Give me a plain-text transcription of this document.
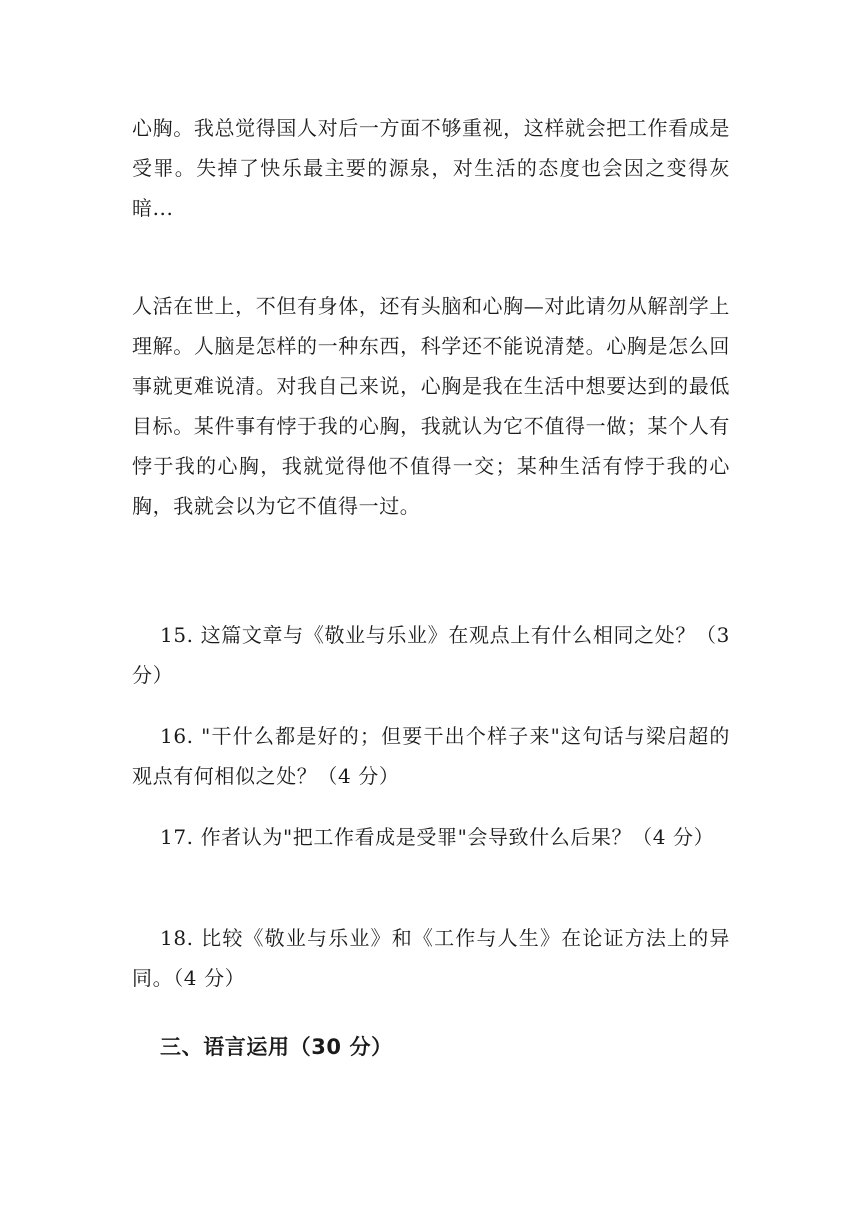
心胸。我总觉得国人对后一方面不够重视，这样就会把工作看成是受罪。失掉了快乐最主要的源泉，对生活的态度也会因之变得灰暗...

人活在世上，不但有身体，还有头脑和心胸—对此请勿从解剖学上理解。人脑是怎样的一种东西，科学还不能说清楚。心胸是怎么回事就更难说清。对我自己来说，心胸是我在生活中想要达到的最低目标。某件事有悖于我的心胸，我就认为它不值得一做；某个人有悖于我的心胸，我就觉得他不值得一交；某种生活有悖于我的心胸，我就会以为它不值得一过。

15. 这篇文章与《敬业与乐业》在观点上有什么相同之处？（3 分）

16. "干什么都是好的；但要干出个样子来"这句话与梁启超的观点有何相似之处？（4 分）

17. 作者认为"把工作看成是受罪"会导致什么后果？（4 分）

18. 比较《敬业与乐业》和《工作与人生》在论证方法上的异同。（4 分）

三、语言运用（30 分）
